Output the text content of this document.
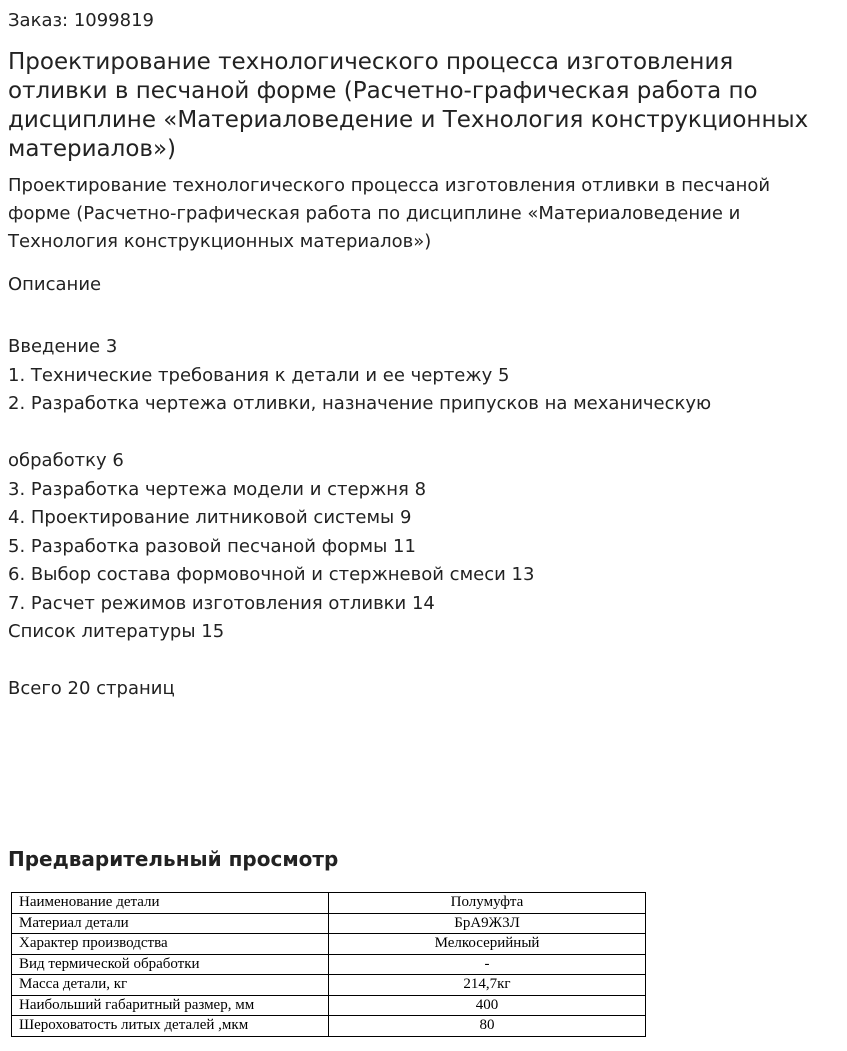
Заказ: 1099819
Проектирование технологического процесса изготовления отливки в песчаной форме (Расчетно-графическая работа по дисциплине «Материаловедение и Технология конструкционных материалов»)

Проектирование технологического процесса изготовления отливки в песчаной форме (Расчетно-графическая работа по дисциплине «Материаловедение и Технология конструкционных материалов»)

Описание
Введение 3
1. Технические требования к детали и ее чертежу 5
2. Разработка чертежа отливки, назначение припусков на механическую
обработку 6
3. Разработка чертежа модели и стержня 8
4. Проектирование литниковой системы 9
5. Разработка разовой песчаной формы 11
6. Выбор состава формовочной и стержневой смеси 13
7. Расчет режимов изготовления отливки 14
Список литературы 15
Всего 20 страниц
Предварительный просмотр
Наименование детали	Полумуфта
Материал детали	БрА9Ж3Л
Характер производства	Мелкосерийный
Вид термической обработки	-
Масса детали, кг	214,7кг
Наибольший габаритный размер, мм	400
Шероховатость литых деталей ,мкм	80
